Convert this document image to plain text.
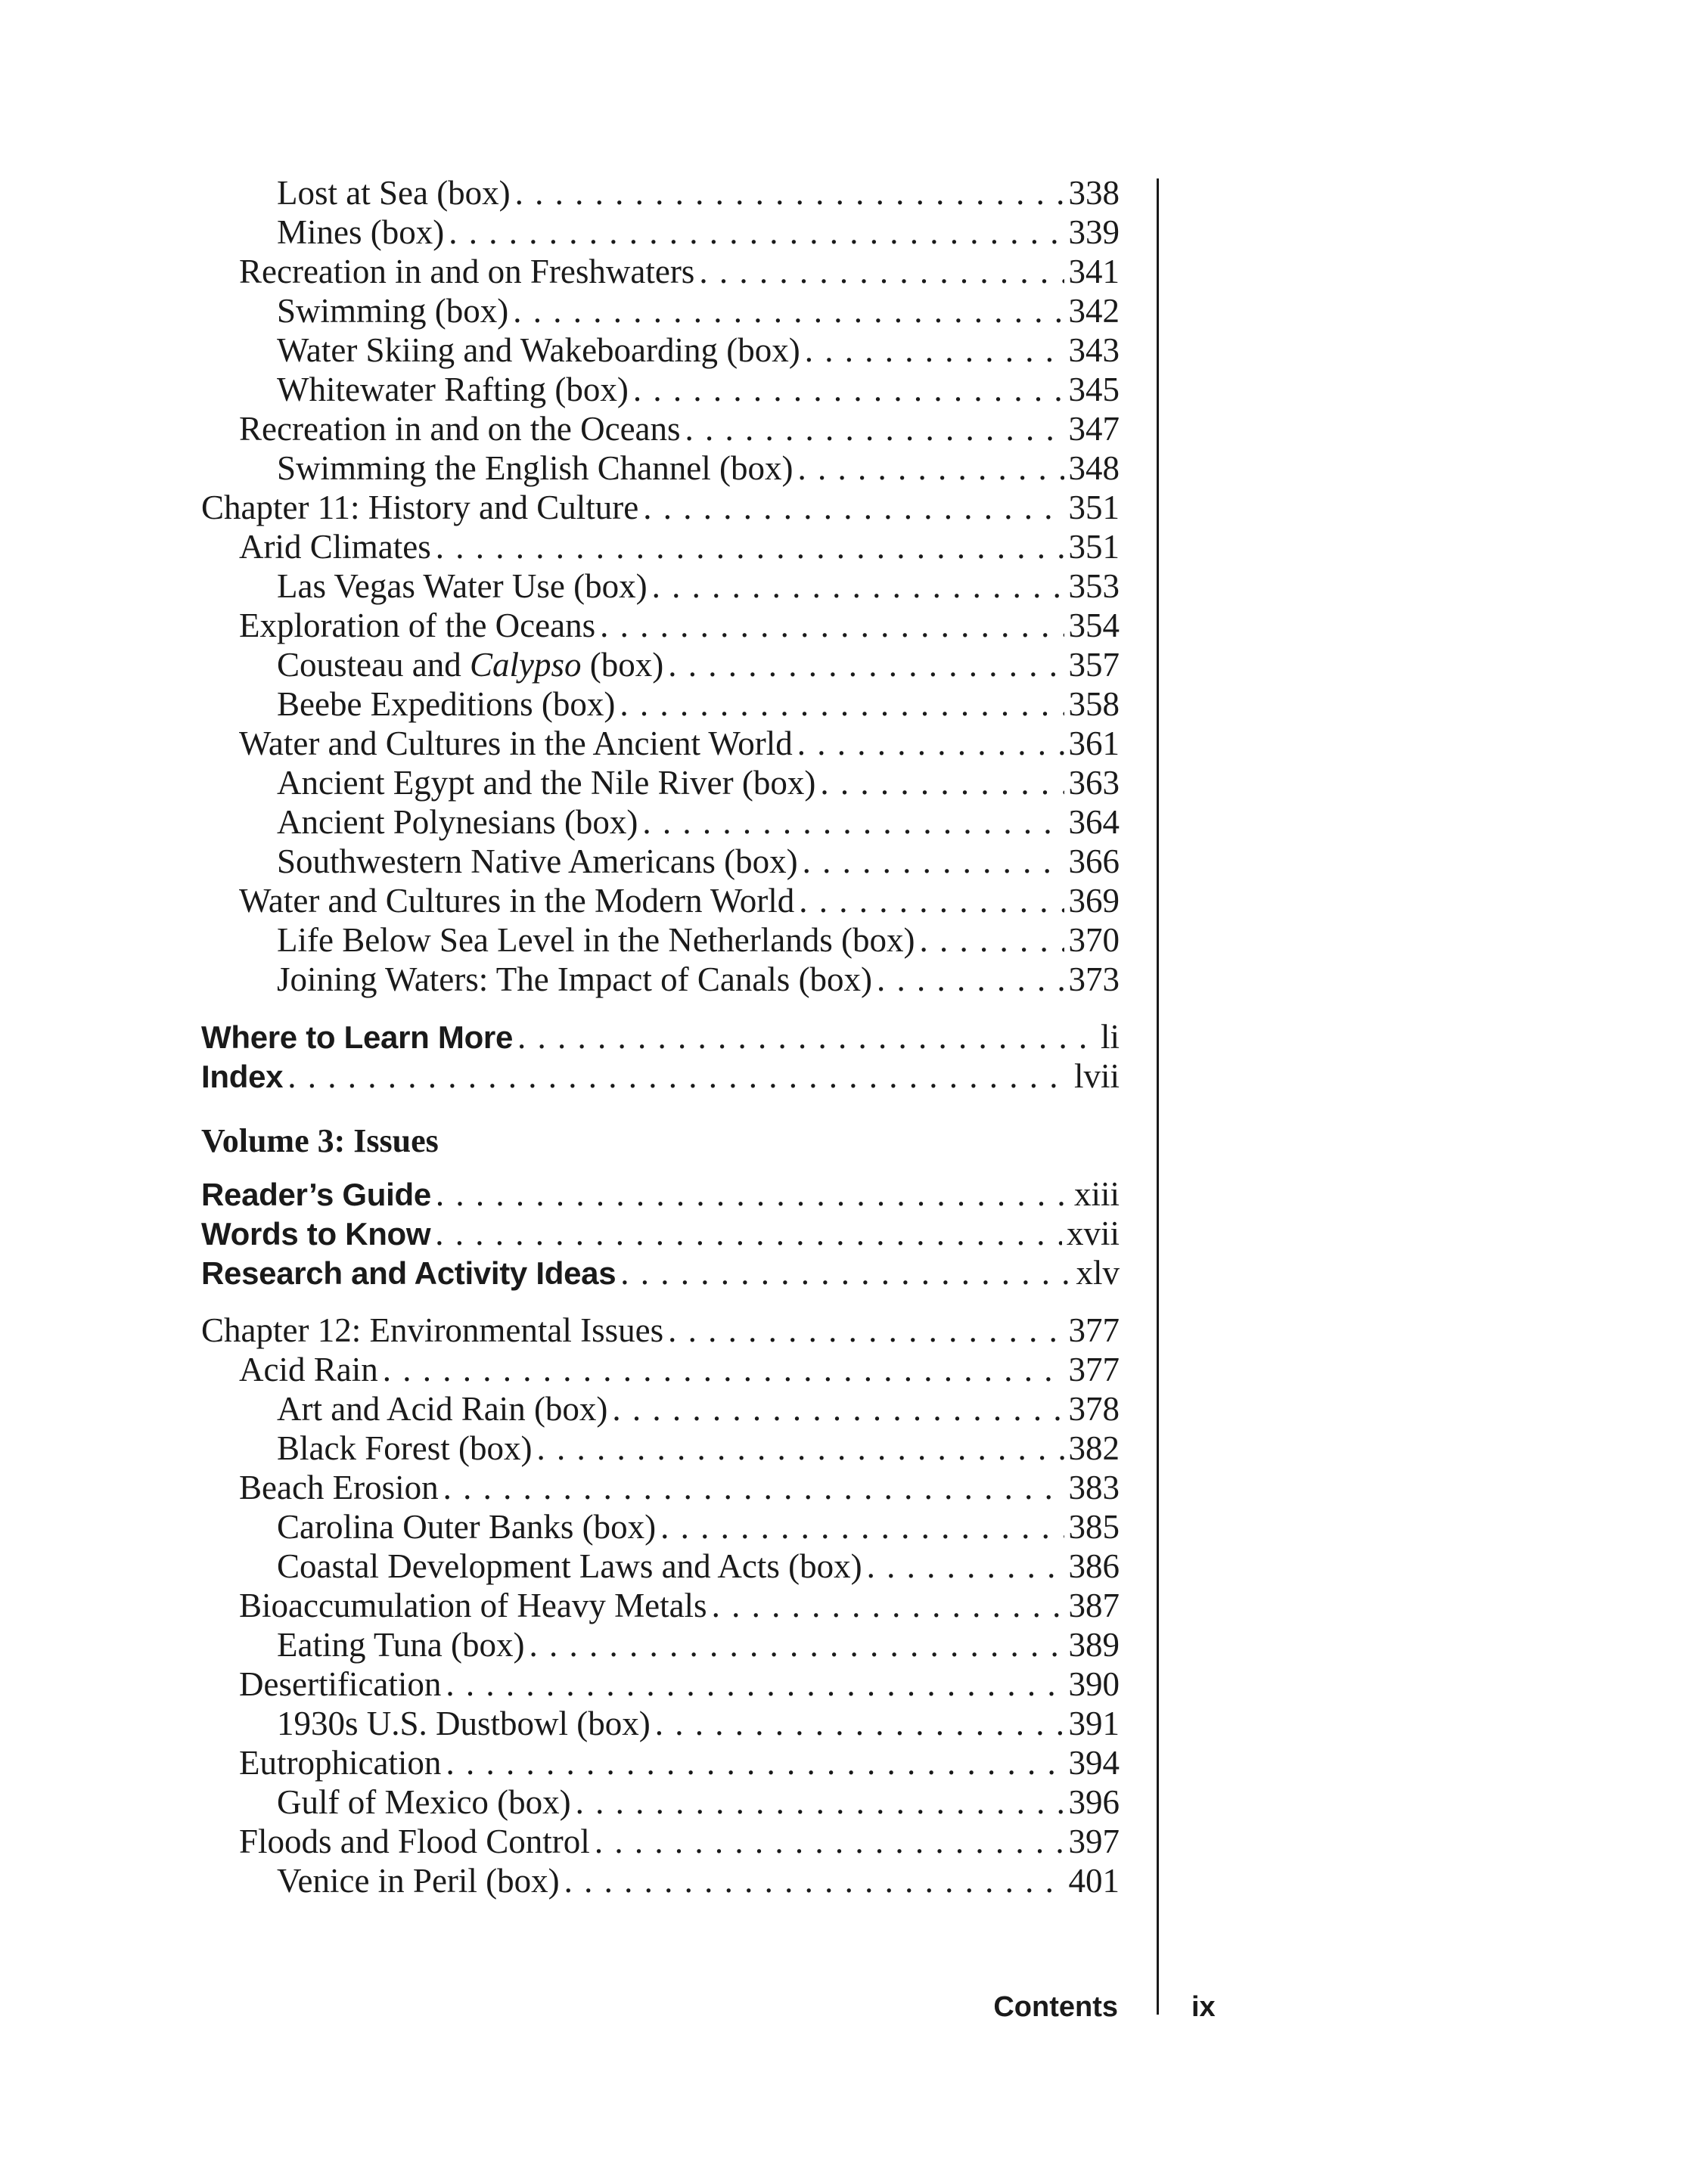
Lost at Sea (box) . . .	338
Mines (box) . . .	339
Recreation in and on Freshwaters . . .	341
Swimming (box) . . .	342
Water Skiing and Wakeboarding (box) . . .	343
Whitewater Rafting (box) . . .	345
Recreation in and on the Oceans . . .	347
Swimming the English Channel (box) . . .	348
Chapter 11: History and Culture . . .	351
Arid Climates . . .	351
Las Vegas Water Use (box) . . .	353
Exploration of the Oceans . . .	354
Cousteau and Calypso (box) . . .	357
Beebe Expeditions (box) . . .	358
Water and Cultures in the Ancient World . . .	361
Ancient Egypt and the Nile River (box) . . .	363
Ancient Polynesians (box) . . .	364
Southwestern Native Americans (box) . . .	366
Water and Cultures in the Modern World . . .	369
Life Below Sea Level in the Netherlands (box) . . .	370
Joining Waters: The Impact of Canals (box) . . .	373
Where to Learn More . . .	li
Index . . .	lvii
Volume 3: Issues
Reader’s Guide . . .	xiii
Words to Know . . .	xvii
Research and Activity Ideas . . .	xlv
Chapter 12: Environmental Issues . . .	377
Acid Rain . . .	377
Art and Acid Rain (box) . . .	378
Black Forest (box) . . .	382
Beach Erosion . . .	383
Carolina Outer Banks (box) . . .	385
Coastal Development Laws and Acts (box) . . .	386
Bioaccumulation of Heavy Metals . . .	387
Eating Tuna (box) . . .	389
Desertification . . .	390
1930s U.S. Dustbowl (box) . . .	391
Eutrophication . . .	394
Gulf of Mexico (box) . . .	396
Floods and Flood Control . . .	397
Venice in Peril (box) . . .	401
Contents	ix
